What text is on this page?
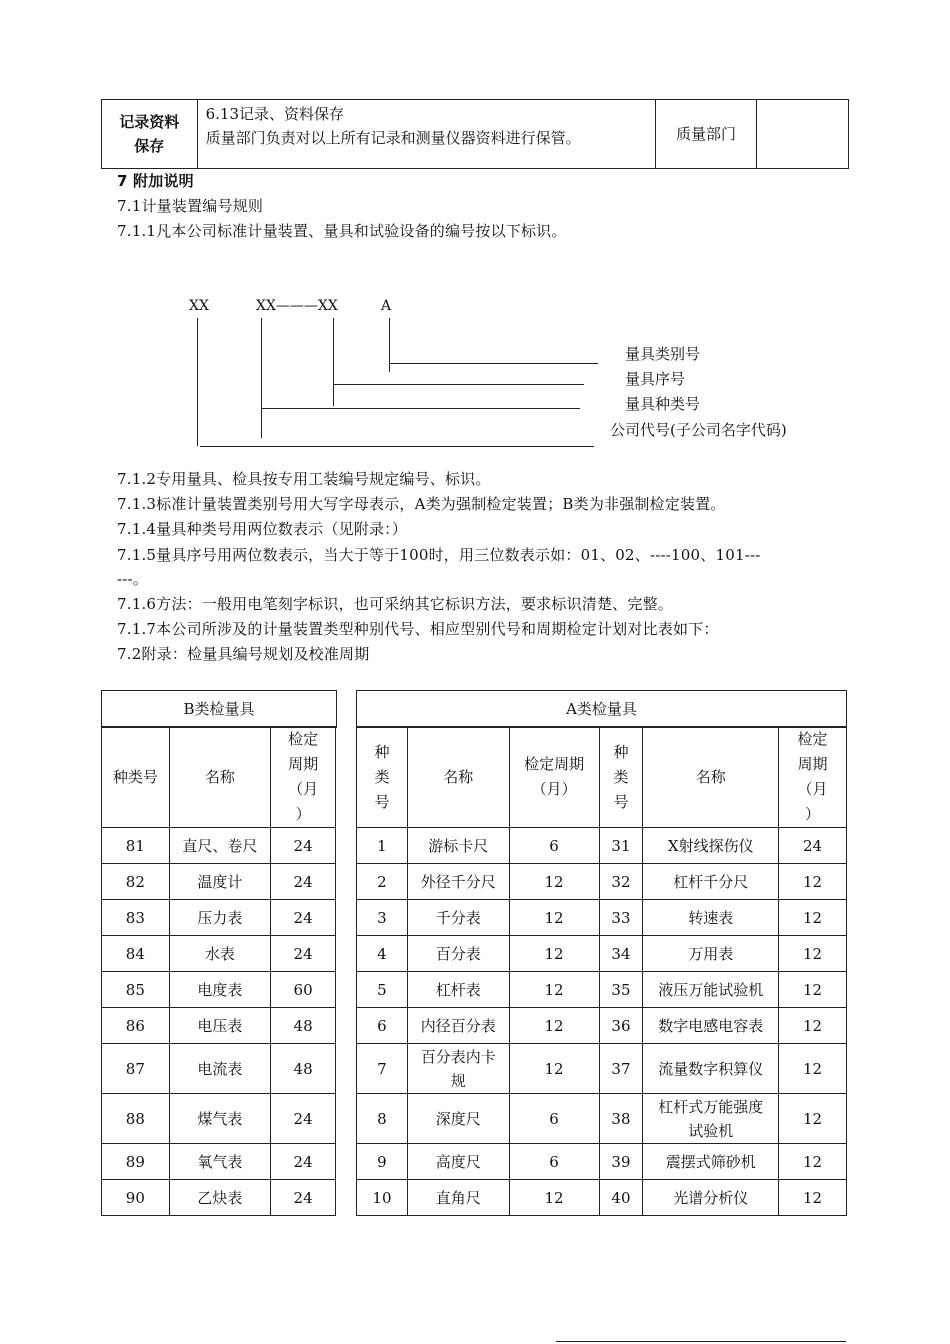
记录资料保存

6.13记录、资料保存
质量部门负责对以上所有记录和测量仪器资料进行保管。	质量部门	
7 附加说明
7.1计量装置编号规则
7.1.1凡本公司标准计量装置、量具和试验设备的编号按以下标识。
XX	XX———XX	A
量具类别号
量具序号
量具种类号
公司代号(子公司名字代码)
7.1.2专用量具、检具按专用工装编号规定编号、标识。
7.1.3标准计量装置类别号用大写字母表示，A类为强制检定装置；B类为非强制检定装置。
7.1.4量具种类号用两位数表示（见附录：）
7.1.5量具序号用两位数表示，当大于等于100时，用三位数表示如：01、02、----100、101---
---。
7.1.6方法：一般用电笔刻字标识，也可采纳其它标识方法，要求标识清楚、完整。
7.1.7本公司所涉及的计量装置类型种别代号、相应型别代号和周期检定计划对比表如下：
7.2附录：检量具编号规划及校准周期
B类检量具	A类检量具
种类号	名称	检定
周期
（月
）
81	直尺、卷尺	24
82	温度计	24
83	压力表	24
84	水表	24
85	电度表	60
86	电压表	48
87	电流表	48
88	煤气表	24
89	氧气表	24
90	乙炔表	24
种
类
号	名称	检定周期
（月）	种
类
号	名称	检定
周期
（月
）
1	游标卡尺	6	31	X射线探伤仪	24
2	外径千分尺	12	32	杠杆千分尺	12
3	千分表	12	33	转速表	12
4	百分表	12	34	万用表	12
5	杠杆表	12	35	液压万能试验机	12
6	内径百分表	12	36	数字电感电容表	12
7	百分表内卡
规	12	37	流量数字积算仪	12
8	深度尺	6	38	杠杆式万能强度
试验机	12
9	高度尺	6	39	震摆式筛砂机	12
10	直角尺	12	40	光谱分析仪	12
